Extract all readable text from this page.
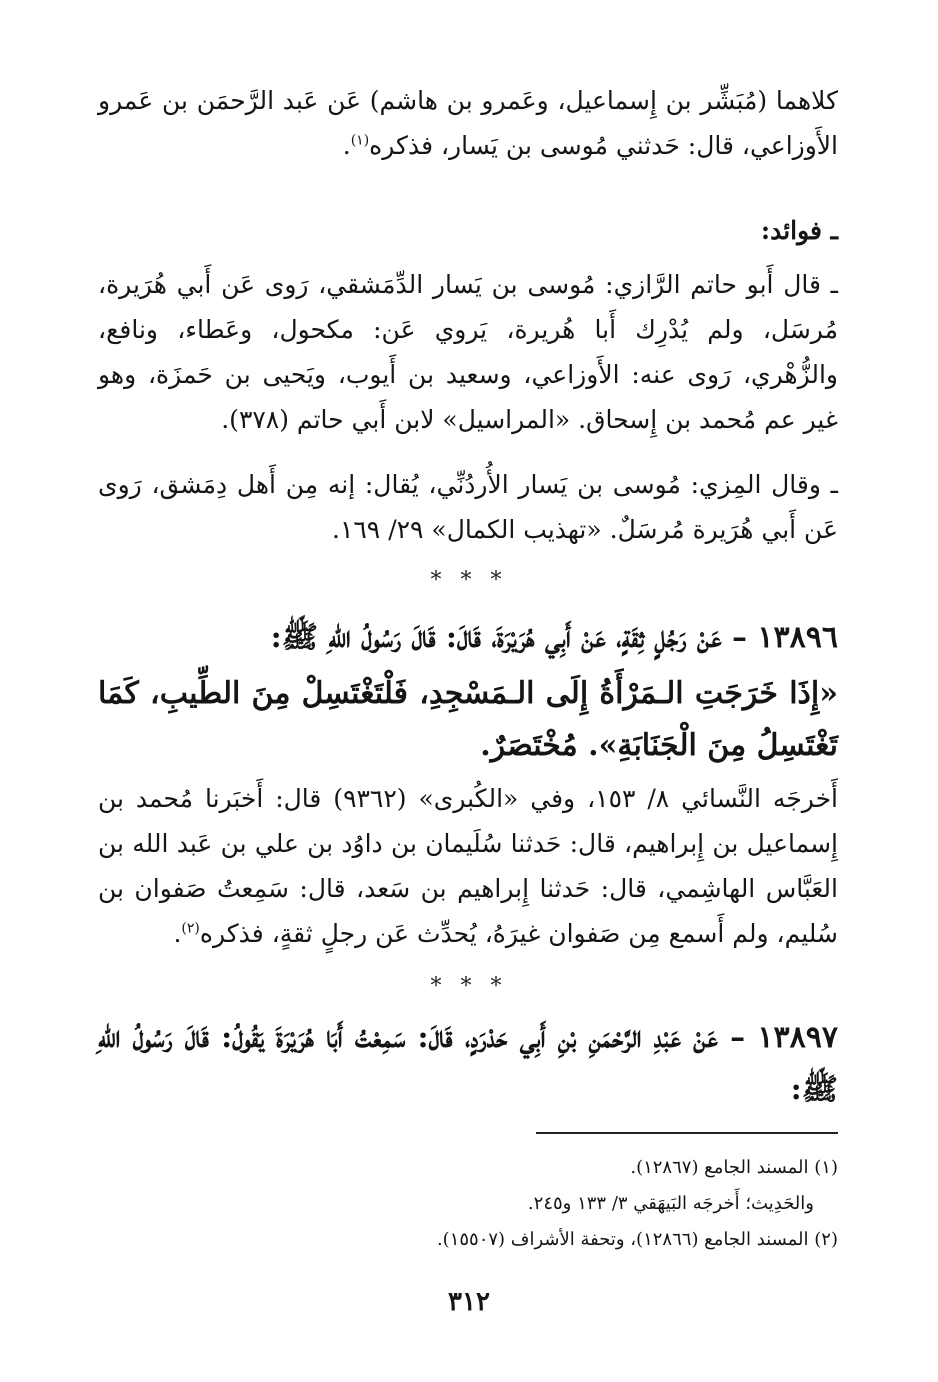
كلاهما (مُبَشِّر بن إِسماعيل، وعَمرو بن هاشم) عَن عَبد الرَّحمَن بن عَمرو الأَوزاعي، قال: حَدثني مُوسى بن يَسار، فذكره$^{(١)}$.

ـ فوائد:

ـ قال أَبو حاتم الرَّازي: مُوسى بن يَسار الدِّمَشقي، رَوى عَن أَبي هُرَيرة، مُرسَل، ولم يُدْرِك أَبا هُريرة، يَروي عَن: مكحول، وعَطاء، ونافع، والزُّهْري، رَوى عنه: الأَوزاعي، وسعيد بن أَيوب، ويَحيى بن حَمزَة، وهو غير عم مُحمد بن إِسحاق. «المراسيل» لابن أَبي حاتم (٣٧٨).

ـ وقال المِزي: مُوسى بن يَسار الأُردُنِّي، يُقال: إنه مِن أَهل دِمَشق، رَوى عَن أَبي هُرَيرة مُرسَلٌ. «تهذيب الكمال» ٢٩/ ١٦٩.

* * *

١٣٨٩٦ – عَنْ رَجُلٍ ثِقَةٍ، عَنْ أَبِي هُرَيْرَةَ، قَالَ: قَالَ رَسُولُ اللهِ ﷺ:

«إِذَا خَرَجَتِ الـمَرْأَةُ إِلَى الـمَسْجِدِ، فَلْتَغْتَسِلْ مِنَ الطِّيبِ، كَمَا تَغْتَسِلُ مِنَ الْجَنَابَةِ». مُخْتَصَرٌ.

أَخرجَه النَّسائي ٨/ ١٥٣، وفي «الكُبرى» (٩٣٦٢) قال: أَخبَرنا مُحمد بن إِسماعيل بن إِبراهيم، قال: حَدثنا سُلَيمان بن داوُد بن علي بن عَبد الله بن العَبَّاس الهاشِمي، قال: حَدثنا إِبراهيم بن سَعد، قال: سَمِعتُ صَفوان بن سُليم، ولم أَسمع مِن صَفوان غيرَهُ، يُحدِّث عَن رجلٍ ثقةٍ، فذكره$^{(٢)}$.

* * *

١٣٨٩٧ – عَنْ عَبْدِ الرَّحْمَنِ بْنِ أَبِي حَدْرَدٍ، قَالَ: سَمِعْتُ أَبَا هُرَيْرَةَ يَقُولُ: قَالَ رَسُولُ اللهِ ﷺ:

(١) المسند الجامع (١٢٨٦٧).
والحَدِيث؛ أَخرجَه البَيهَقي ٣/ ١٣٣ و٢٤٥.
(٢) المسند الجامع (١٢٨٦٦)، وتحفة الأشراف (١٥٥٠٧).
٣١٢
